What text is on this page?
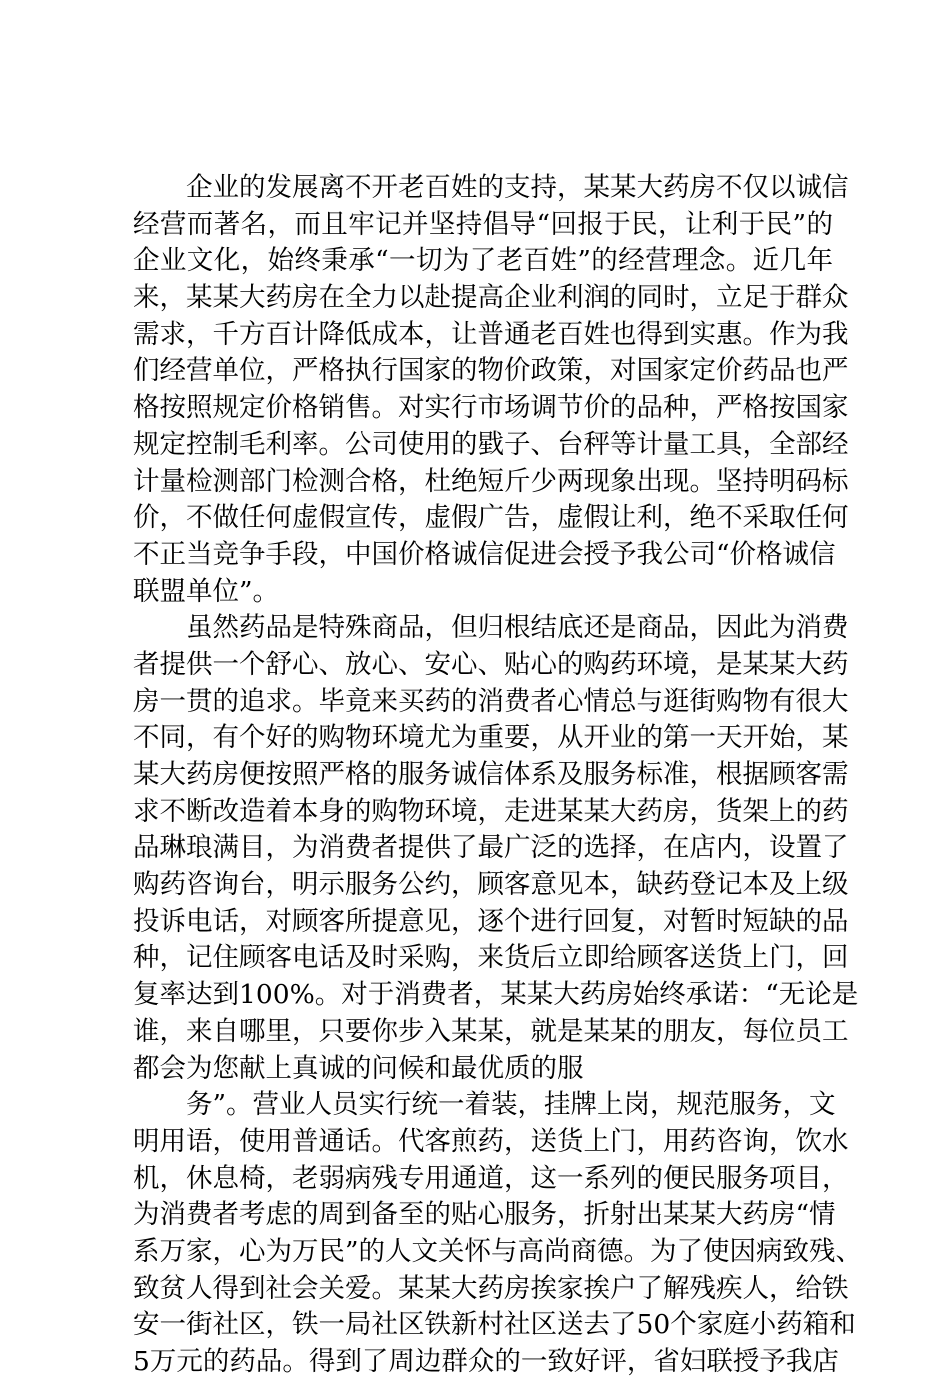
企业的发展离不开老百姓的支持，某某大药房不仅以诚信
经营而著名，而且牢记并坚持倡导“回报于民，让利于民”的
企业文化，始终秉承“一切为了老百姓”的经营理念。近几年
来，某某大药房在全力以赴提高企业利润的同时，立足于群众
需求，千方百计降低成本，让普通老百姓也得到实惠。作为我
们经营单位，严格执行国家的物价政策，对国家定价药品也严
格按照规定价格销售。对实行市场调节价的品种，严格按国家
规定控制毛利率。公司使用的戥子、台秤等计量工具，全部经
计量检测部门检测合格，杜绝短斤少两现象出现。坚持明码标
价，不做任何虚假宣传，虚假广告，虚假让利，绝不采取任何
不正当竞争手段，中国价格诚信促进会授予我公司“价格诚信
联盟单位”。
虽然药品是特殊商品，但归根结底还是商品，因此为消费
者提供一个舒心、放心、安心、贴心的购药环境，是某某大药
房一贯的追求。毕竟来买药的消费者心情总与逛街购物有很大
不同，有个好的购物环境尤为重要，从开业的第一天开始，某
某大药房便按照严格的服务诚信体系及服务标准，根据顾客需
求不断改造着本身的购物环境，走进某某大药房，货架上的药
品琳琅满目，为消费者提供了最广泛的选择，在店内，设置了
购药咨询台，明示服务公约，顾客意见本，缺药登记本及上级
投诉电话，对顾客所提意见，逐个进行回复，对暂时短缺的品
种，记住顾客电话及时采购，来货后立即给顾客送货上门，回
复率达到100%。对于消费者，某某大药房始终承诺：“无论是
谁，来自哪里，只要你步入某某，就是某某的朋友，每位员工
都会为您献上真诚的问候和最优质的服
务”。营业人员实行统一着装，挂牌上岗，规范服务，文
明用语，使用普通话。代客煎药，送货上门，用药咨询，饮水
机，休息椅，老弱病残专用通道，这一系列的便民服务项目，
为消费者考虑的周到备至的贴心服务，折射出某某大药房“情
系万家，心为万民”的人文关怀与高尚商德。为了使因病致残、
致贫人得到社会关爱。某某大药房挨家挨户了解残疾人，给铁
安一街社区，铁一局社区铁新村社区送去了50个家庭小药箱和
5万元的药品。得到了周边群众的一致好评，省妇联授予我店
